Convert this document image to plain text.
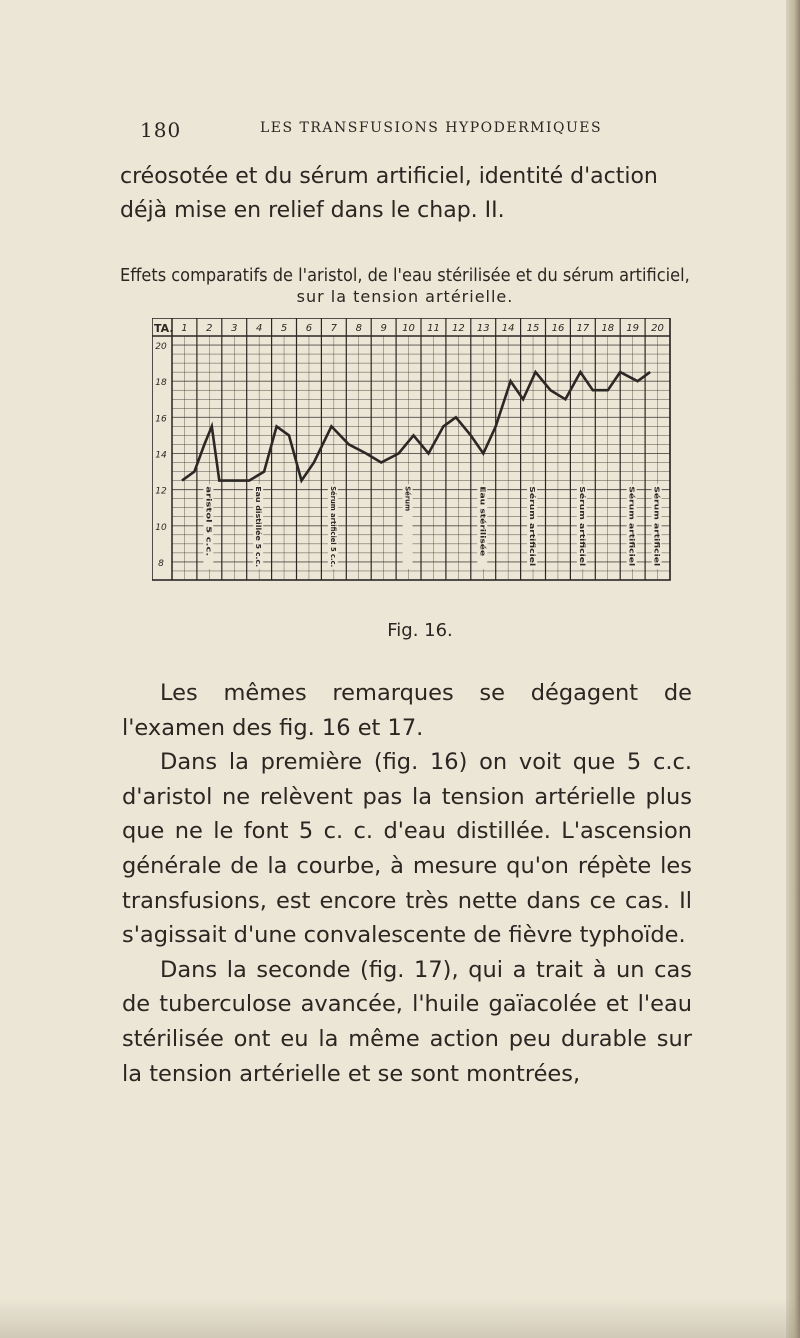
180	LES TRANSFUSIONS HYPODERMIQUES

créosotée et du sérum artificiel, identité d'action déjà mise en relief dans le chap. II.

Effets comparatifs de l'aristol, de l'eau stérilisée et du sérum artificiel,
sur la tension artérielle.
TA. 1 2 3 4 5 6 7 8 9 10 11 12 13 14 15 16 17 18 19 20
20
18
16
14
12
10
8
aristol 5 c.c.	Eau distillée 5 c.c.	Sérum artificiel 5 c.c.	Sérum	Eau stérilisée	Sérum artificiel	Sérum artificiel	Sérum artificiel Sérum artificiel
Fig. 16.

Les mêmes remarques se dégagent de l'examen des fig. 16 et 17.

Dans la première (fig. 16) on voit que 5 c.c. d'aristol ne relèvent pas la tension artérielle plus que ne le font 5 c. c. d'eau distillée. L'ascension générale de la courbe, à mesure qu'on répète les transfusions, est encore très nette dans ce cas. Il s'agissait d'une convalescente de fièvre typhoïde.

Dans la seconde (fig. 17), qui a trait à un cas de tuberculose avancée, l'huile gaïacolée et l'eau stérilisée ont eu la même action peu durable sur la tension artérielle et se sont montrées,
